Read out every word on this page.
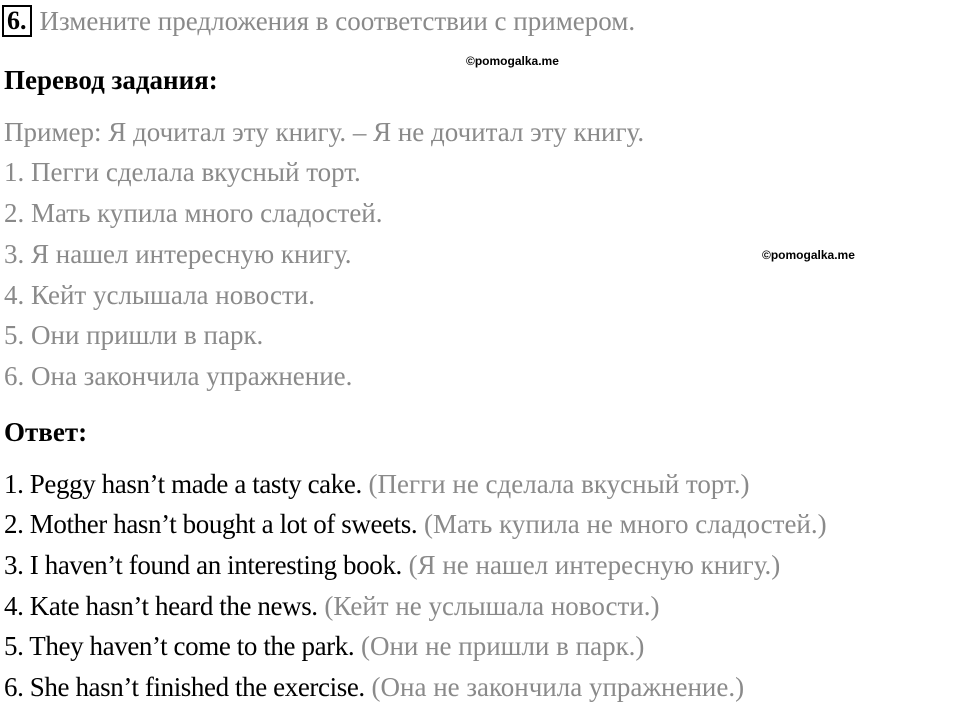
6. Измените предложения в соответствии с примером.
©pomogalka.me
©pomogalka.me
Перевод задания:
Пример: Я дочитал эту книгу. – Я не дочитал эту книгу.
1. Пегги сделала вкусный торт.
2. Мать купила много сладостей.
3. Я нашел интересную книгу.
4. Кейт услышала новости.
5. Они пришли в парк.
6. Она закончила упражнение.
Ответ:
1. Peggy hasn’t made a tasty cake. (Пегги не сделала вкусный торт.)
2. Mother hasn’t bought a lot of sweets. (Мать купила не много сладостей.)
3. I haven’t found an interesting book. (Я не нашел интересную книгу.)
4. Kate hasn’t heard the news. (Кейт не услышала новости.)
5. They haven’t come to the park. (Они не пришли в парк.)
6. She hasn’t finished the exercise. (Она не закончила упражнение.)
